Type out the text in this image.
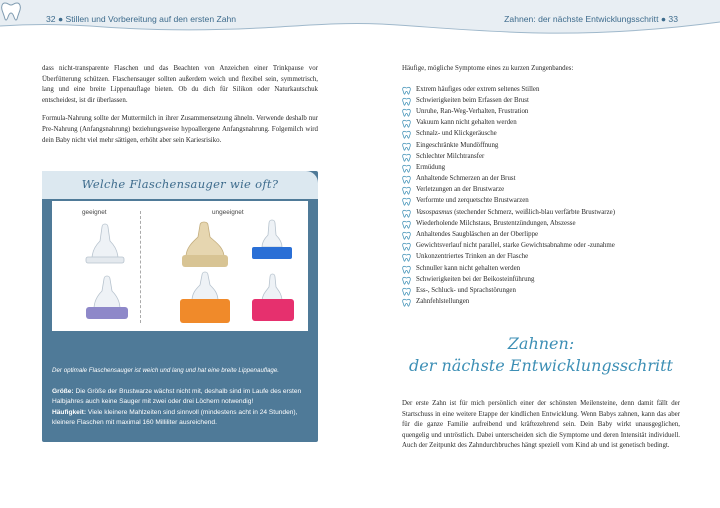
32 ● Stillen und Vorbereitung auf den ersten Zahn	Zahnen: der nächste Entwicklungsschritt ● 33

dass nicht-transparente Flaschen und das Beachten von Anzeichen einer Trinkpause vor Überfütterung schützen. Flaschensauger sollten außerdem weich und flexibel sein, symmetrisch, lang und eine breite Lippenauflage bieten. Ob du dich für Silikon oder Naturkautschuk entscheidest, ist dir überlassen.

Formula-Nahrung sollte der Muttermilch in ihrer Zusammensetzung ähneln. Verwende deshalb nur Pre-Nahrung (Anfangsnahrung) beziehungsweise hypoallergene Anfangsnahrung. Folgemilch wird dein Baby nicht viel mehr sättigen, erhöht aber sein Kariesrisiko.

Welche Flaschensauger wie oft?
geeignet	ungeeignet
Der optimale Flaschensauger ist weich und lang und hat eine breite Lippenauflage.
Größe: Die Größe der Brustwarze wächst nicht mit, deshalb sind im Laufe des ersten Halbjahres auch keine Sauger mit zwei oder drei Löchern notwendig!
Häufigkeit: Viele kleinere Mahlzeiten sind sinnvoll (mindestens acht in 24 Stunden), kleinere Flaschen mit maximal 160 Milliliter ausreichend.
Häufige, mögliche Symptome eines zu kurzen Zungenbandes:
Extrem häufiges oder extrem seltenes Stillen
Schwierigkeiten beim Erfassen der Brust
Unruhe, Ran-Weg-Verhalten, Frustration
Vakuum kann nicht gehalten werden
Schnalz- und Klickgeräusche
Eingeschränkte Mundöffnung
Schlechter Milchtransfer
Ermüdung
Anhaltende Schmerzen an der Brust
Verletzungen an der Brustwarze
Verformte und zerquetschte Brustwarzen
Vasospasmus (stechender Schmerz, weißlich-blau verfärbte Brustwarze)
Wiederholende Milchstaus, Brustentzündungen, Abszesse
Anhaltendes Saugbläschen an der Oberlippe
Gewichtsverlauf nicht parallel, starke Gewichtsabnahme oder -zunahme
Unkonzentriertes Trinken an der Flasche
Schnuller kann nicht gehalten werden
Schwierigkeiten bei der Beikosteinführung
Ess-, Schluck- und Sprachstörungen
Zahnfehlstellungen
Zahnen:
der nächste Entwicklungsschritt
Der erste Zahn ist für mich persönlich einer der schönsten Meilensteine, denn damit fällt der Startschuss in eine weitere Etappe der kindlichen Entwicklung. Wenn Babys zahnen, kann das aber für die ganze Familie aufreibend und kräftezehrend sein. Dein Baby wirkt unausgeglichen, quengelig und untröstlich. Dabei unterscheiden sich die Symptome und deren Intensität individuell. Auch der Zeitpunkt des Zahndurchbruches hängt speziell vom Kind ab und ist genetisch bedingt.
